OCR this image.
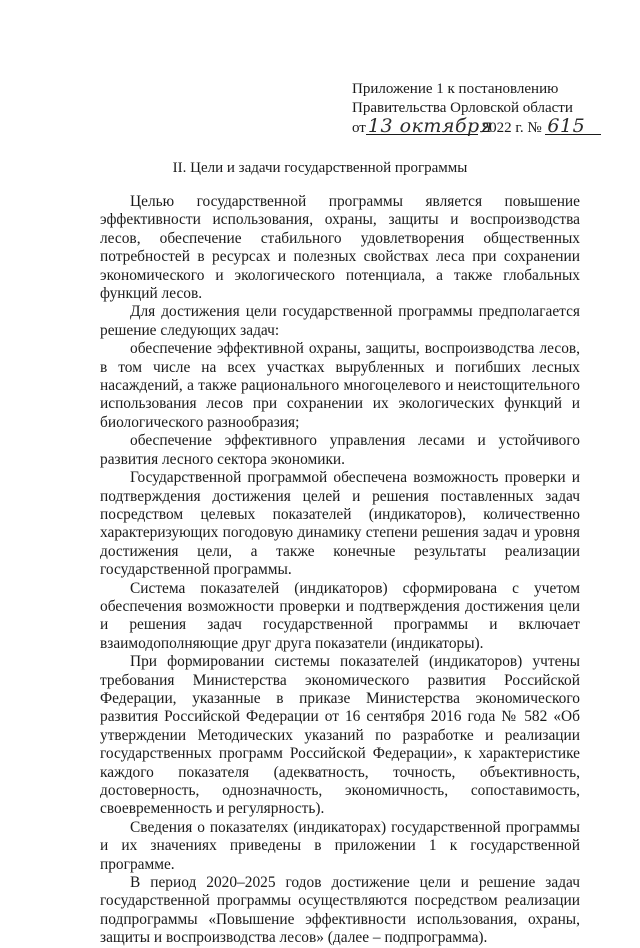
Приложение 1 к постановлению
Правительства Орловской области
от 13 октября 2022 г. № 615
II. Цели и задачи государственной программы

Целью государственной программы является повышение эффективности использования, охраны, защиты и воспроизводства лесов, обеспечение стабильного удовлетворения общественных потребностей в ресурсах и полезных свойствах леса при сохранении экономического и экологического потенциала, а также глобальных функций лесов.

Для достижения цели государственной программы предполагается решение следующих задач:

обеспечение эффективной охраны, защиты, воспроизводства лесов, в том числе на всех участках вырубленных и погибших лесных насаждений, а также рационального многоцелевого и неистощительного использования лесов при сохранении их экологических функций и биологического разнообразия;

обеспечение эффективного управления лесами и устойчивого развития лесного сектора экономики.

Государственной программой обеспечена возможность проверки и подтверждения достижения целей и решения поставленных задач посредством целевых показателей (индикаторов), количественно характеризующих погодовую динамику степени решения задач и уровня достижения цели, а также конечные результаты реализации государственной программы.

Система показателей (индикаторов) сформирована с учетом обеспечения возможности проверки и подтверждения достижения цели и решения задач государственной программы и включает взаимодополняющие друг друга показатели (индикаторы).

При формировании системы показателей (индикаторов) учтены требования Министерства экономического развития Российской Федерации, указанные в приказе Министерства экономического развития Российской Федерации от 16 сентября 2016 года № 582 «Об утверждении Методических указаний по разработке и реализации государственных программ Российской Федерации», к характеристике каждого показателя (адекватность, точность, объективность, достоверность, однозначность, экономичность, сопоставимость, своевременность и регулярность).

Сведения о показателях (индикаторах) государственной программы и их значениях приведены в приложении 1 к государственной программе.

В период 2020–2025 годов достижение цели и решение задач государственной программы осуществляются посредством реализации подпрограммы «Повышение эффективности использования, охраны, защиты и воспроизводства лесов» (далее – подпрограмма).
